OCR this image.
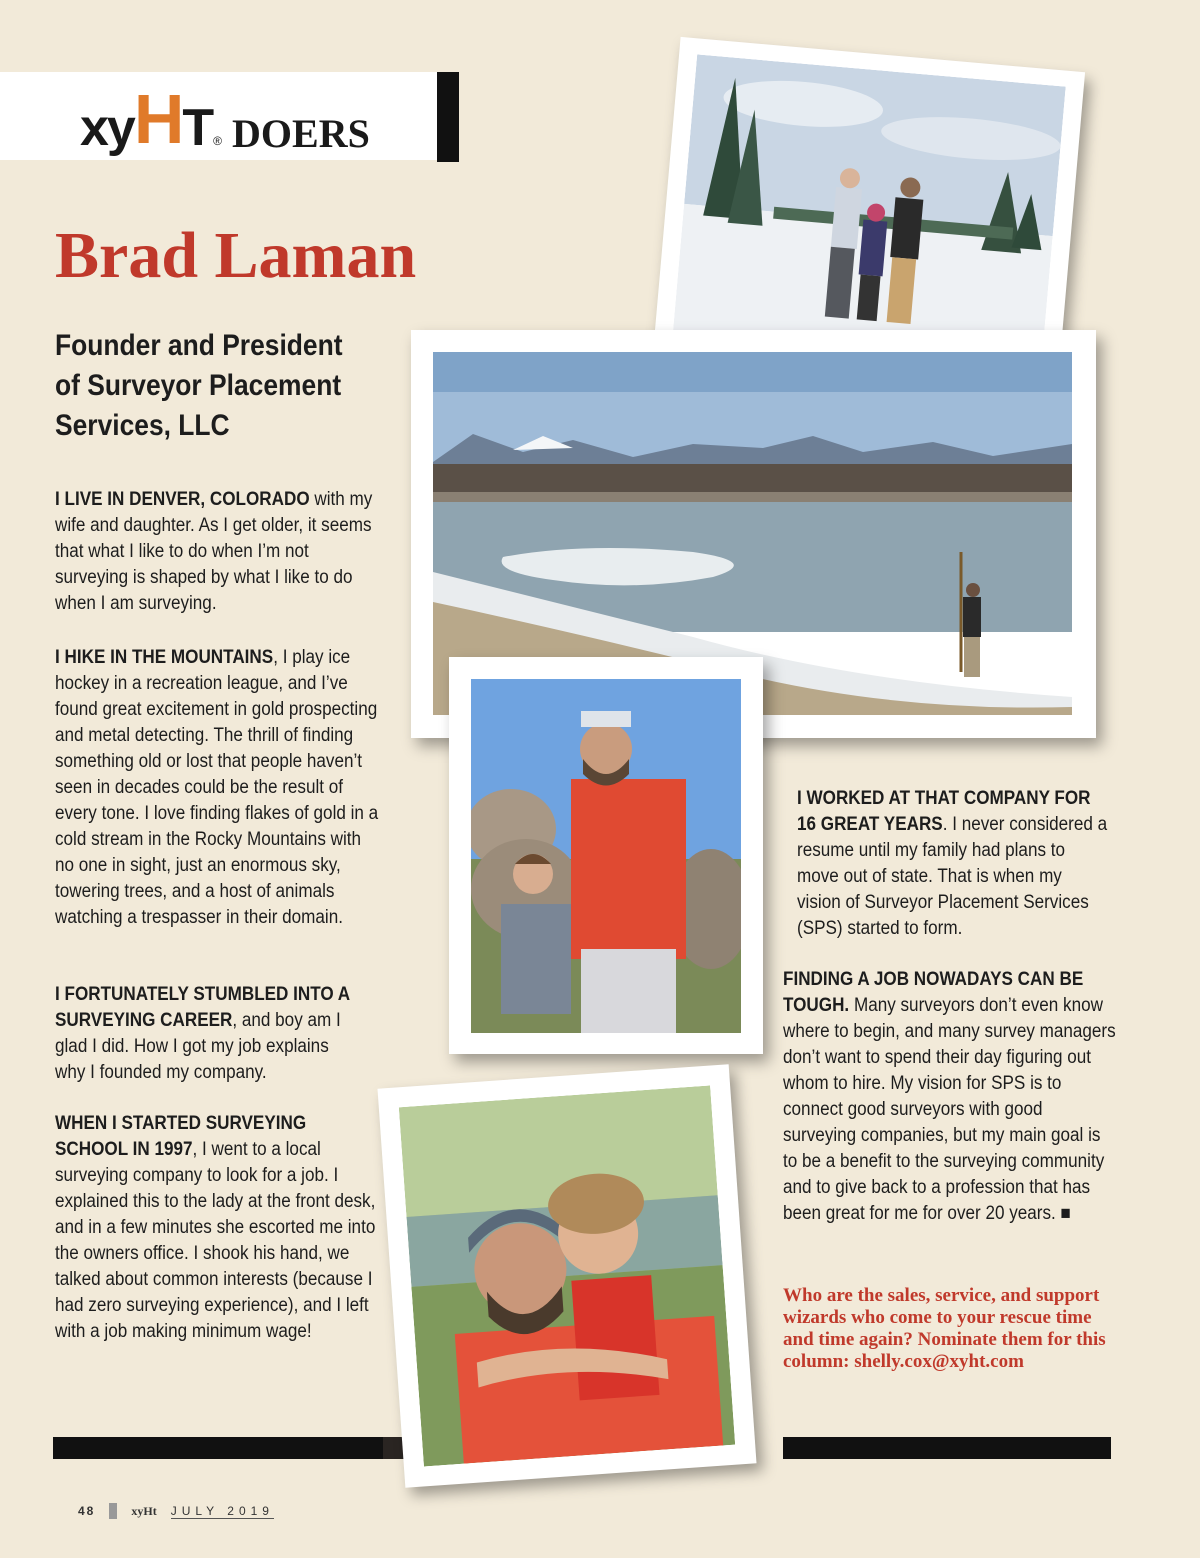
xy H T ® DOERS
Brad Laman
Founder and President of Surveyor Placement Services, LLC

I LIVE IN DENVER, COLORADO with my wife and daughter. As I get older, it seems that what I like to do when I’m not surveying is shaped by what I like to do when I am surveying.

I HIKE IN THE MOUNTAINS, I play ice hockey in a recreation league, and I’ve found great excitement in gold prospecting and metal detecting. The thrill of finding something old or lost that people haven’t seen in decades could be the result of every tone. I love finding flakes of gold in a cold stream in the Rocky Mountains with no one in sight, just an enormous sky, towering trees, and a host of animals watching a trespasser in their domain.

I FORTUNATELY STUMBLED INTO A SURVEYING CAREER, and boy am I glad I did. How I got my job explains why I founded my company.

WHEN I STARTED SURVEYING SCHOOL IN 1997, I went to a local surveying company to look for a job. I explained this to the lady at the front desk, and in a few minutes she escorted me into the owners office. I shook his hand, we talked about common interests (because I had zero surveying experience), and I left with a job making minimum wage!

I WORKED AT THAT COMPANY FOR 16 GREAT YEARS. I never considered a resume until my family had plans to move out of state. That is when my vision of Surveyor Placement Services (SPS) started to form.

FINDING A JOB NOWADAYS CAN BE TOUGH. Many surveyors don’t even know where to begin, and many survey managers don’t want to spend their day figuring out whom to hire. My vision for SPS is to connect good surveyors with good surveying companies, but my main goal is to be a benefit to the surveying community and to give back to a profession that has been great for me for over 20 years. ■

Who are the sales, service, and support wizards who come to your rescue time and time again? Nominate them for this column: shelly.cox@xyht.com
48	xyHt JULY 2019
